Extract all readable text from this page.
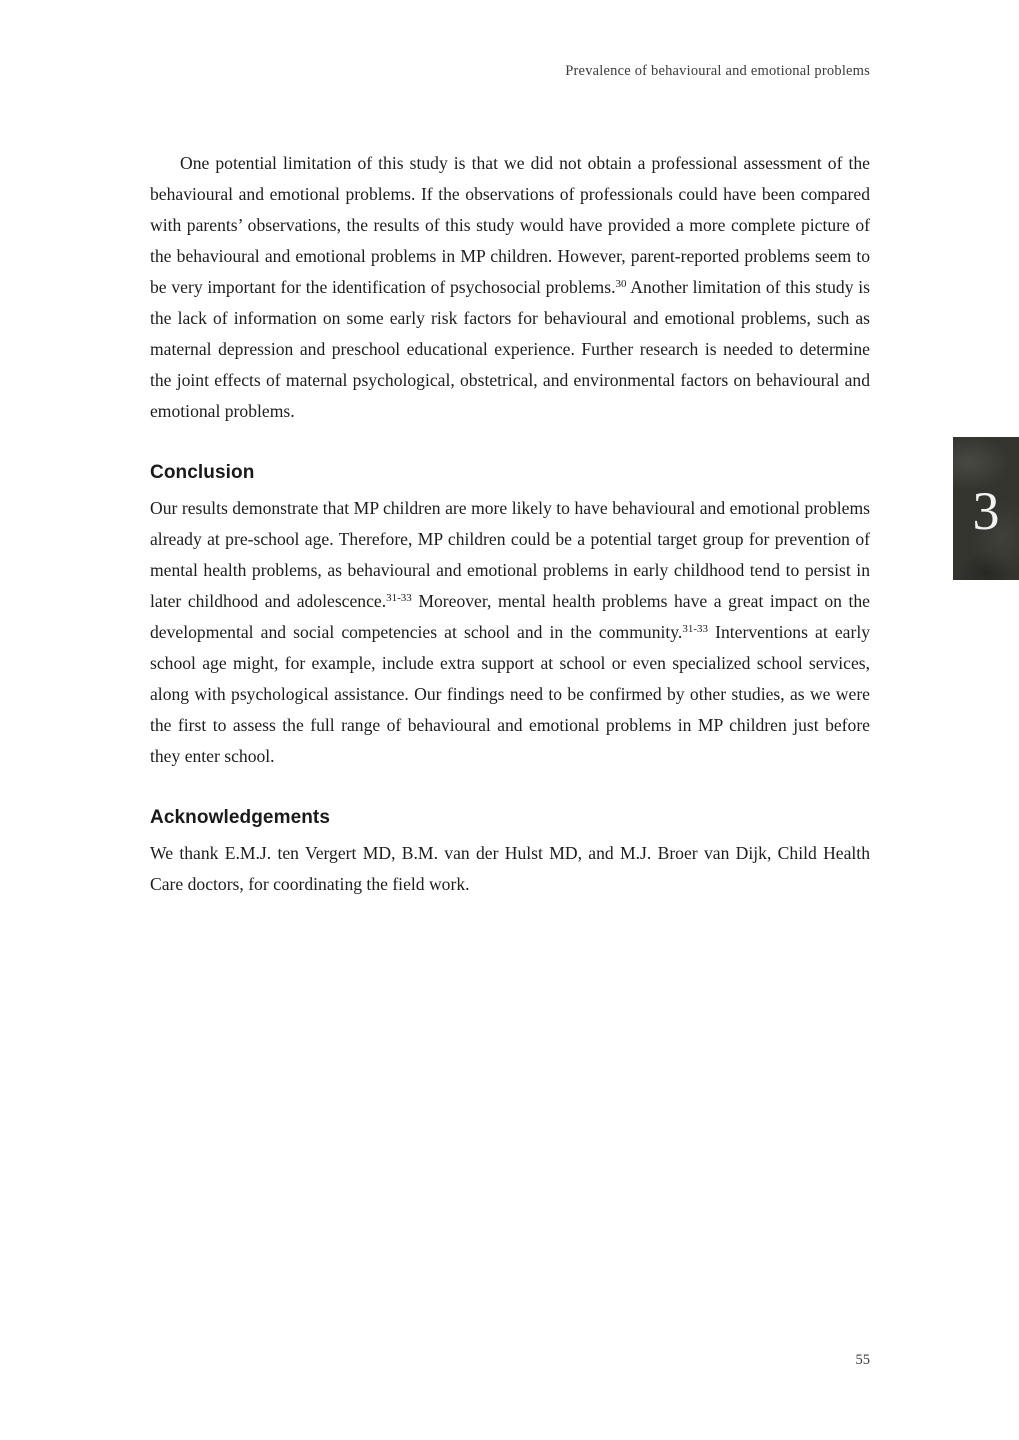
Prevalence of behavioural and emotional problems

One potential limitation of this study is that we did not obtain a professional assessment of the behavioural and emotional problems. If the observations of professionals could have been compared with parents’ observations, the results of this study would have provided a more complete picture of the behavioural and emotional problems in MP children. However, parent-reported problems seem to be very important for the identification of psychosocial problems.$^{30}$ Another limitation of this study is the lack of information on some early risk factors for behavioural and emotional problems, such as maternal depression and preschool educational experience. Further research is needed to determine the joint effects of maternal psychological, obstetrical, and environmental factors on behavioural and emotional problems.

Conclusion

Our results demonstrate that MP children are more likely to have behavioural and emotional problems already at pre-school age. Therefore, MP children could be a potential target group for prevention of mental health problems, as behavioural and emotional problems in early childhood tend to persist in later childhood and adolescence.$^{31-33}$ Moreover, mental health problems have a great impact on the developmental and social competencies at school and in the community.$^{31-33}$ Interventions at early school age might, for example, include extra support at school or even specialized school services, along with psychological assistance. Our findings need to be confirmed by other studies, as we were the first to assess the full range of behavioural and emotional problems in MP children just before they enter school.

Acknowledgements

We thank E.M.J. ten Vergert MD, B.M. van der Hulst MD, and M.J. Broer van Dijk, Child Health Care doctors, for coordinating the field work.

3
55
